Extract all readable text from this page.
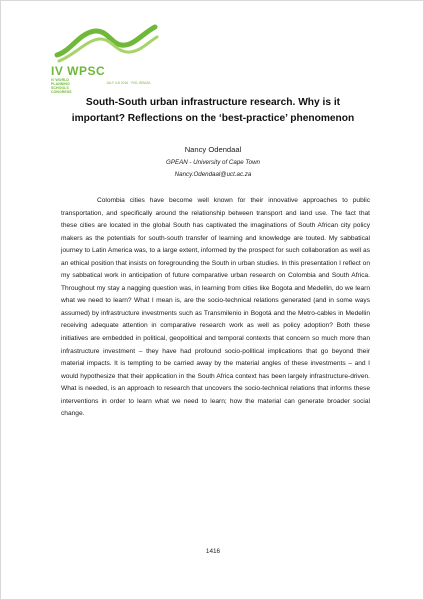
IV WPSC
IV WORLD PLANNING SCHOOLS CONGRESS
JULY 4-8 2016 · RIO, BRAZIL
South-South urban infrastructure research. Why is it important? Reflections on the ‘best-practice’ phenomenon
Nancy Odendaal
GPEAN - University of Cape Town
Nancy.Odendaal@uct.ac.za
Colombia cities have become well known for their innovative approaches to public transportation, and specifically around the relationship between transport and land use. The fact that these cities are located in the global South has captivated the imaginations of South African city policy makers as the potentials for south-south transfer of learning and knowledge are touted. My sabbatical journey to Latin America was, to a large extent, informed by the prospect for such collaboration as well as an ethical position that insists on foregrounding the South in urban studies. In this presentation I reflect on my sabbatical work in anticipation of future comparative urban research on Colombia and South Africa. Throughout my stay a nagging question was, in learning from cities like Bogota and Medellin, do we learn what we need to learn? What I mean is, are the socio-technical relations generated (and in some ways assumed) by infrastructure investments such as Transmilenio in Bogotá and the Metro-cables in Medellin receiving adequate attention in comparative research work as well as policy adoption? Both these initiatives are embedded in political, geopolitical and temporal contexts that concern so much more than infrastructure investment – they have had profound socio-political implications that go beyond their material impacts. It is tempting to be carried away by the material angles of these investments – and I would hypothesize that their application in the South Africa context has been largely infrastructure-driven. What is needed, is an approach to research that uncovers the socio-technical relations that informs these interventions in order to learn what we need to learn; how the material can generate broader social change.
1416
